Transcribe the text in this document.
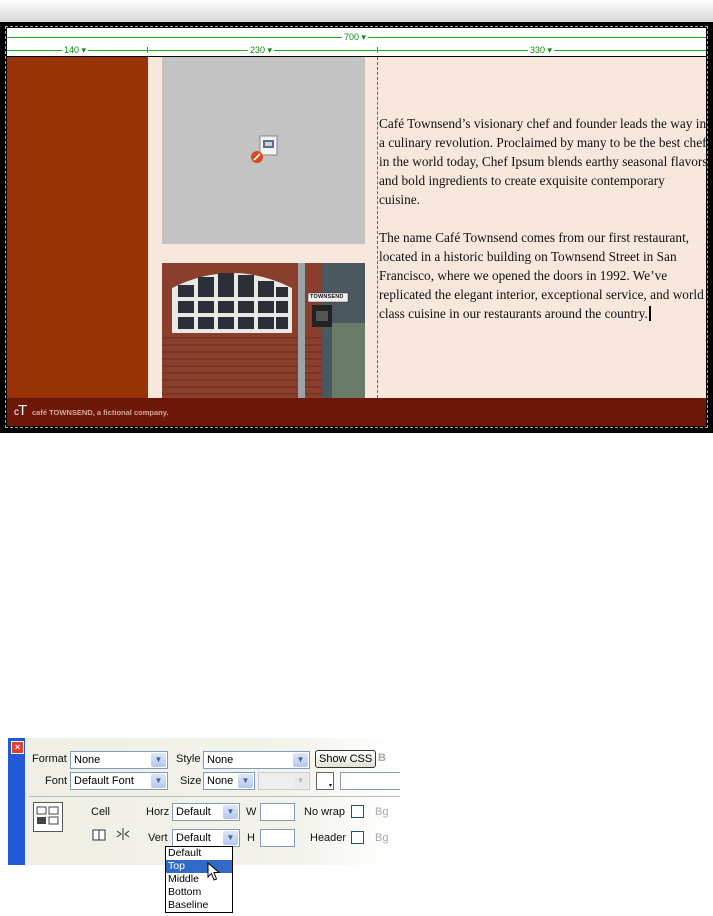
700 ▾
140 ▾	230 ▾	330 ▾
TOWNSEND

Café Townsend’s visionary chef and founder leads the way in a culinary revolution. Proclaimed by many to be the best chef in the world today, Chef Ipsum blends earthy seasonal flavors and bold ingredients to create exquisite contemporary cuisine.

The name Café Townsend comes from our first restaurant, located in a historic building on Townsend Street in San Francisco, where we opened the doors in 1992. We’ve replicated the elegant interior, exceptional service, and world class cuisine in our restaurants around the country.

cT café TOWNSEND, a fictional company.
×
Format None	▼	Style None	▼	Show CSS B
Font Default Font	▼	Size None	▼	▼
▾
Cell	Horz Default	▼	W	No wrap	Bg
Vert Default	▼	H	Header	Bg
Default
Top
Middle
Bottom
Baseline
